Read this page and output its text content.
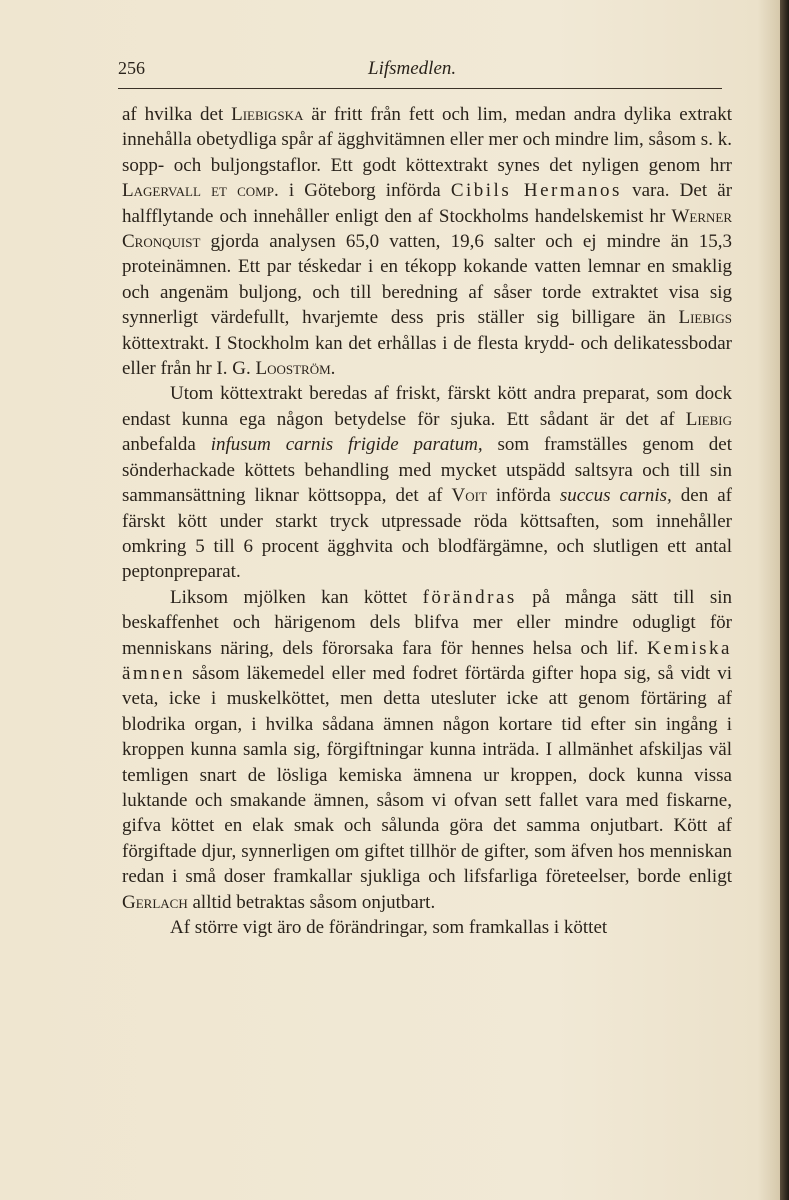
256	Lifsmedlen.

af hvilka det Liebigska är fritt från fett och lim, medan andra dylika extrakt innehålla obetydliga spår af ägghvitämnen eller mer och mindre lim, såsom s. k. sopp- och buljongstaflor. Ett godt köttextrakt synes det nyligen genom hrr Lagervall et comp. i Göteborg införda Cibils Hermanos vara. Det är halfflytande och innehåller enligt den af Stockholms handelskemist hr Werner Cronquist gjorda analysen 65,0 vatten, 19,6 salter och ej mindre än 15,3 proteinämnen. Ett par téskedar i en tékopp kokande vatten lemnar en smaklig och angenäm buljong, och till beredning af såser torde extraktet visa sig synnerligt värdefullt, hvarjemte dess pris ställer sig billigare än Liebigs köttextrakt. I Stockholm kan det erhållas i de flesta krydd- och delikatessbodar eller från hr I. G. Looström.

Utom köttextrakt beredas af friskt, färskt kött andra preparat, som dock endast kunna ega någon betydelse för sjuka. Ett sådant är det af Liebig anbefalda infusum carnis frigide paratum, som framställes genom det sönderhackade köttets behandling med mycket utspädd saltsyra och till sin sammansättning liknar köttsoppa, det af Voit införda succus carnis, den af färskt kött under starkt tryck utpressade röda köttsaften, som innehåller omkring 5 till 6 procent ägghvita och blodfärgämne, och slutligen ett antal peptonpreparat.

Liksom mjölken kan köttet förändras på många sätt till sin beskaffenhet och härigenom dels blifva mer eller mindre odugligt för menniskans näring, dels förorsaka fara för hennes helsa och lif. Kemiska ämnen såsom läkemedel eller med fodret förtärda gifter hopa sig, så vidt vi veta, icke i muskelköttet, men detta utesluter icke att genom förtäring af blodrika organ, i hvilka sådana ämnen någon kortare tid efter sin ingång i kroppen kunna samla sig, förgiftningar kunna inträda. I allmänhet afskiljas väl temligen snart de lösliga kemiska ämnena ur kroppen, dock kunna vissa luktande och smakande ämnen, såsom vi ofvan sett fallet vara med fiskarne, gifva köttet en elak smak och sålunda göra det samma onjutbart. Kött af förgiftade djur, synnerligen om giftet tillhör de gifter, som äfven hos menniskan redan i små doser framkallar sjukliga och lifsfarliga företeelser, borde enligt Gerlach alltid betraktas såsom onjutbart.

Af större vigt äro de förändringar, som framkallas i köttet
